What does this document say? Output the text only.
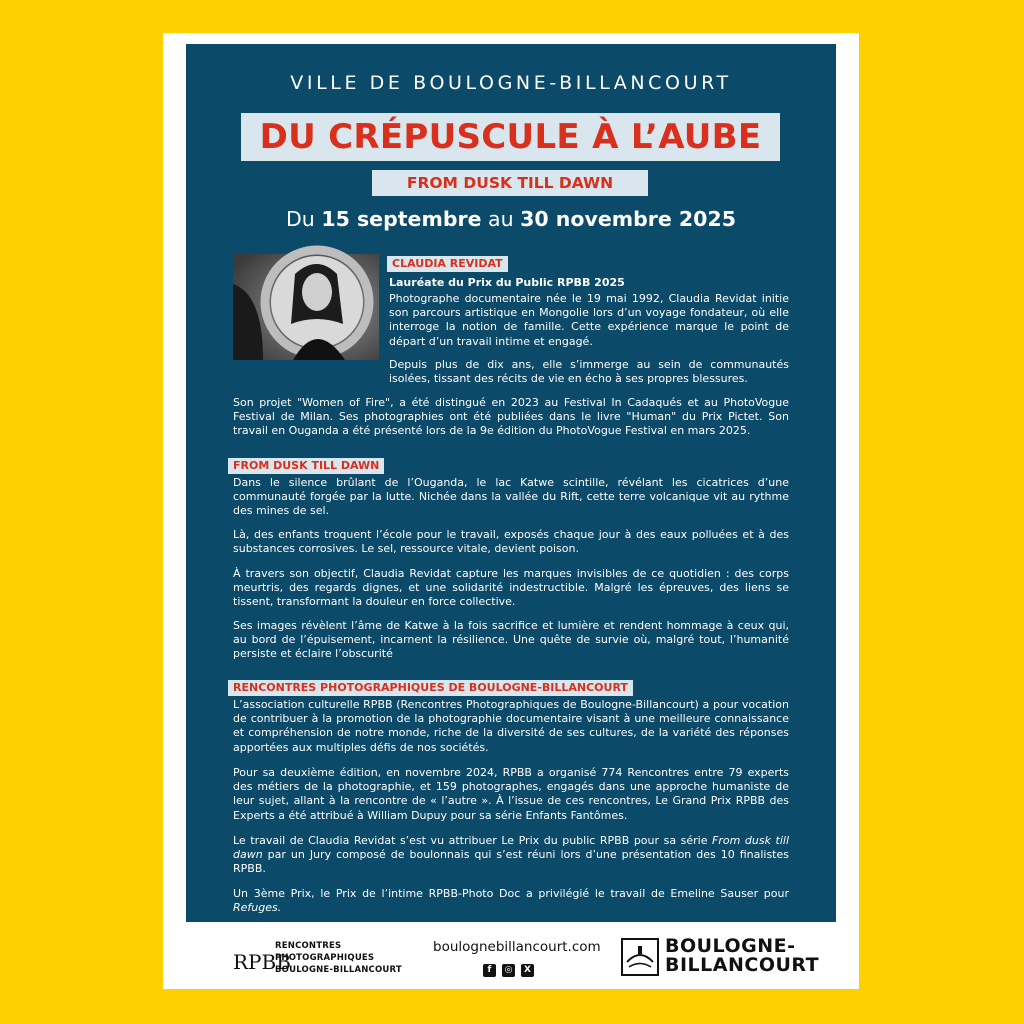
VILLE DE BOULOGNE-BILLANCOURT
DU CRÉPUSCULE À L’AUBE
FROM DUSK TILL DAWN
Du 15 septembre au 30 novembre 2025
CLAUDIA REVIDAT
Lauréate du Prix du Public RPBB 2025

Photographe documentaire née le 19 mai 1992, Claudia Revidat initie son parcours artistique en Mongolie lors d’un voyage fondateur, où elle interroge la notion de famille. Cette expérience marque le point de départ d’un travail intime et engagé.

Depuis plus de dix ans, elle s’immerge au sein de communautés isolées, tissant des récits de vie en écho à ses propres blessures.

Son projet "Women of Fire", a été distingué en 2023 au Festival In Cadaqués et au PhotoVogue Festival de Milan. Ses photographies ont été publiées dans le livre "Human" du Prix Pictet. Son travail en Ouganda a été présenté lors de la 9e édition du PhotoVogue Festival en mars 2025.

FROM DUSK TILL DAWN

Dans le silence brûlant de l’Ouganda, le lac Katwe scintille, révélant les cicatrices d’une communauté forgée par la lutte. Nichée dans la vallée du Rift, cette terre volcanique vit au rythme des mines de sel.

Là, des enfants troquent l’école pour le travail, exposés chaque jour à des eaux polluées et à des substances corrosives. Le sel, ressource vitale, devient poison.

À travers son objectif, Claudia Revidat capture les marques invisibles de ce quotidien : des corps meurtris, des regards dignes, et une solidarité indestructible. Malgré les épreuves, des liens se tissent, transformant la douleur en force collective.

Ses images révèlent l’âme de Katwe à la fois sacrifice et lumière et rendent hommage à ceux qui, au bord de l’épuisement, incarnent la résilience. Une quête de survie où, malgré tout, l’humanité persiste et éclaire l’obscurité

RENCONTRES PHOTOGRAPHIQUES DE BOULOGNE-BILLANCOURT

L’association culturelle RPBB (Rencontres Photographiques de Boulogne-Billancourt) a pour vocation de contribuer à la promotion de la photographie documentaire visant à une meilleure connaissance et compréhension de notre monde, riche de la diversité de ses cultures, de la variété des réponses apportées aux multiples défis de nos sociétés.

Pour sa deuxième édition, en novembre 2024, RPBB a organisé 774 Rencontres entre 79 experts des métiers de la photographie, et 159 photographes, engagés dans une approche humaniste de leur sujet, allant à la rencontre de « l’autre ». À l’issue de ces rencontres, Le Grand Prix RPBB des Experts a été attribué à William Dupuy pour sa série Enfants Fantômes.

Le travail de Claudia Revidat s’est vu attribuer Le Prix du public RPBB pour sa série From dusk till dawn par un Jury composé de boulonnais qui s’est réuni lors d’une présentation des 10 finalistes RPBB.

Un 3ème Prix, le Prix de l’intime RPBB-Photo Doc a privilégié le travail de Emeline Sauser pour Refuges.

RPBB
RENCONTRES
PHOTOGRAPHIQUES
BOULOGNE-BILLANCOURT
boulognebillancourt.com
f	◎	X
BOULOGNE-
BILLANCOURT
